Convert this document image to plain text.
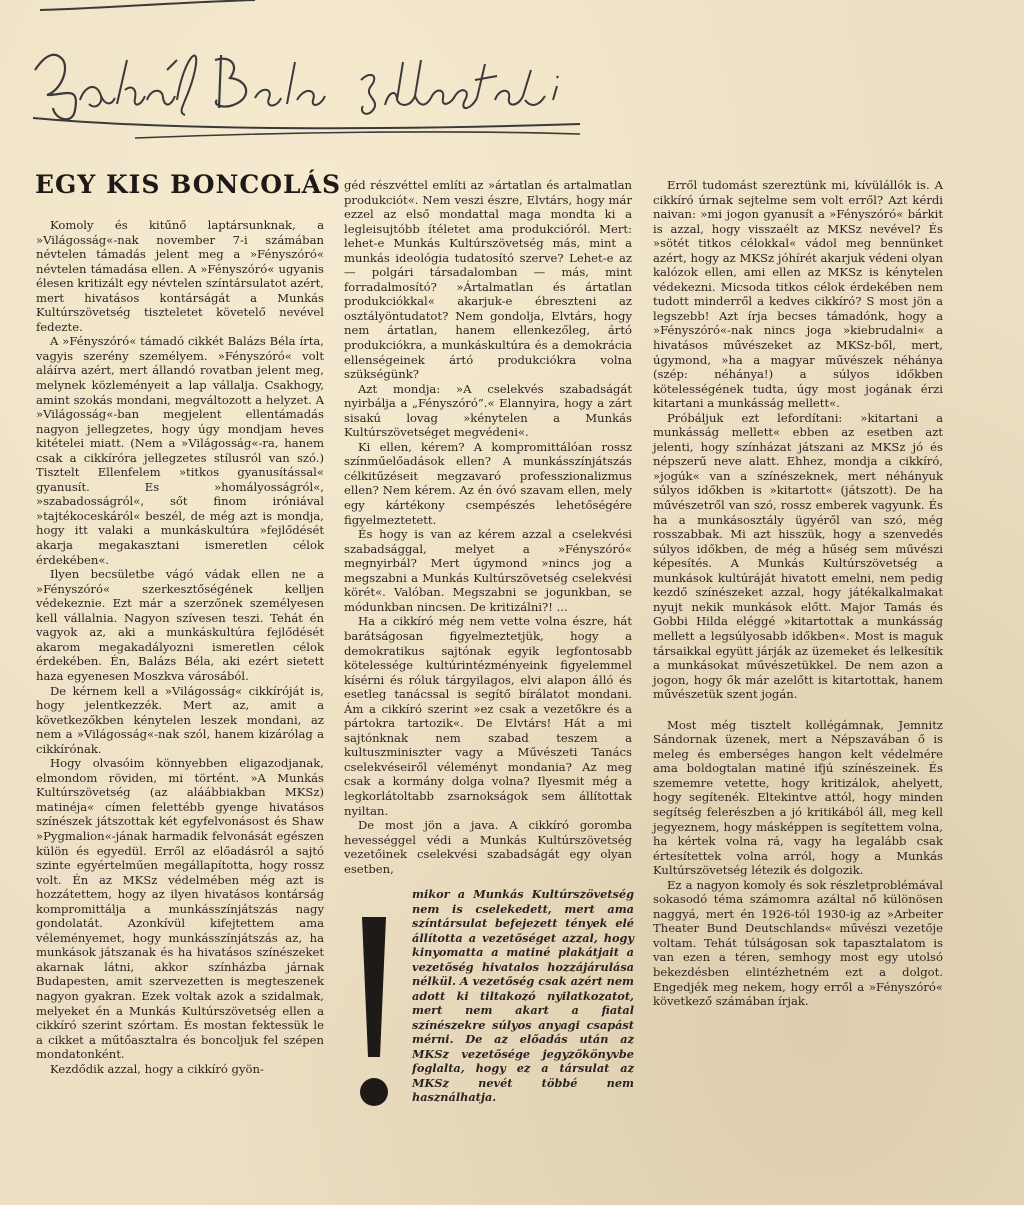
Balázs Béla széljegyzetei
EGY KIS BONCOLÁS

Komoly és kitűnő laptársunknak, a »Világosság«-nak november 7-i számában névtelen támadás jelent meg a »Fényszóró« névtelen támadása ellen. A »Fényszóró« ugyanis élesen kritizált egy névtelen színtársulatot azért, mert hivatásos kontárságát a Munkás Kultúrszövetség tiszteletet követelő nevével fedezte.

A »Fényszóró« támadó cikkét Balázs Béla írta, vagyis szerény személyem. »Fényszóró« volt aláírva azért, mert állandó rovatban jelent meg, melynek közleményeit a lap vállalja. Csakhogy, amint szokás mondani, megváltozott a helyzet. A »Világosság«-ban megjelent ellentámadás nagyon jellegzetes, hogy úgy mondjam heves kitételei miatt. (Nem a »Világosság«-ra, hanem csak a cikkíróra jellegzetes stílusról van szó.) Tisztelt Ellenfelem »titkos gyanusítással« gyanusít. Es »homályosságról«, »szabadosságról«, sőt finom iróniával »tajtékoceskáról« beszél, de még azt is mondja, hogy itt valaki a munkáskultúra »fejlődését akarja megakasztani ismeretlen célok érdekében«.

Ilyen becsületbe vágó vádak ellen ne a »Fényszóró« szerkesztőségének kelljen védekeznie. Ezt már a szerzőnek személyesen kell vállalnia. Nagyon szívesen teszi. Tehát én vagyok az, aki a munkáskultúra fejlődését akarom megakadályozni ismeretlen célok érdekében. Én, Balázs Béla, aki ezért sietett haza egyenesen Moszkva városából.

De kérnem kell a »Világosság« cikkíróját is, hogy jelentkezzék. Mert az, amit a következőkben kénytelen leszek mondani, az nem a »Világosság«-nak szól, hanem kizárólag a cikkírónak.

Hogy olvasóim könnyebben eligazodjanak, elmondom röviden, mi történt. »A Munkás Kultúrszövetség (az aláábbiakban MKSz) matinéja« címen felettébb gyenge hivatásos színészek játszottak két egyfelvonásost és Shaw »Pygmalion«-jának harmadik felvonását egészen külön és egyedül. Erről az előadásról a sajtó szinte egyértelműen megállapította, hogy rossz volt. Én az MKSz védelmében még azt is hozzátettem, hogy az ilyen hivatásos kontárság kompromittálja a munkásszínjátszás nagy gondolatát. Azonkívül kifejtettem ama véleményemet, hogy munkásszínjátszás az, ha munkások játszanak és ha hivatásos színészeket akarnak látni, akkor színházba járnak Budapesten, amit szervezetten is megteszenek nagyon gyakran. Ezek voltak azok a szidalmak, melyeket én a Munkás Kultúrszövetség ellen a cikkíró szerint szórtam. És mostan fektessük le a cikket a műtőasztalra és boncoljuk fel szépen mondatonként.

Kezdődik azzal, hogy a cikkíró gyön-

géd részvéttel említi az »ártatlan és artalmatlan produkciót«. Nem veszi észre, Elvtárs, hogy már ezzel az első mondattal maga mondta ki a legleisujtóbb ítéletet ama produkcióról. Mert: lehet-e Munkás Kultúrszövetség más, mint a munkás ideológia tudatosító szerve? Lehet-e az — polgári társadalomban — más, mint forradalmosító? »Ártalmatlan és ártatlan produkciókkal« akarjuk-e ébreszteni az osztályöntudatot? Nem gondolja, Elvtárs, hogy nem ártatlan, hanem ellenkezőleg, ártó produkciókra, a munkáskultúra és a demokrácia ellenségeinek ártó produkciókra volna szükségünk?

Azt mondja: »A cselekvés szabadságát nyirbálja a „Fényszóró”.« Elannyira, hogy a zárt sisakú lovag »kénytelen a Munkás Kultúrszövetséget megvédeni«.

Ki ellen, kérem? A kompromittálóan rossz színműelőadások ellen? A munkásszínjátszás célkitűzéseit megzavaró professzionalizmus ellen? Nem kérem. Az én óvó szavam ellen, mely egy kártékony csempészés lehetőségére figyelmeztetett.

És hogy is van az kérem azzal a cselekvési szabadsággal, melyet a »Fényszóró« megnyirbál? Mert úgymond »nincs jog a megszabni a Munkás Kultúrszövetség cselekvési körét«. Valóban. Megszabni se jogunkban, se módunkban nincsen. De kritizálni?! ...

Ha a cikkíró még nem vette volna észre, hát barátságosan figyelmeztetjük, hogy a demokratikus sajtónak egyik legfontosabb kötelessége kultúrintézményeink figyelemmel kísérni és róluk tárgyilagos, elvi alapon álló és esetleg tanácssal is segítő bírálatot mondani. Ám a cikkíró szerint »ez csak a vezetőkre és a pártokra tartozik«. De Elvtárs! Hát a mi sajtónknak nem szabad teszem a kultuszminiszter vagy a Művészeti Tanács cselekvéseiről véleményt mondania? Az meg csak a kormány dolga volna? Ilyesmit még a legkorlátoltabb zsarnokságok sem állítottak nyiltan.

De most jön a java. A cikkíró goromba hevességgel védi a Munkás Kultúrszövetség vezetőinek cselekvési szabadságát egy olyan esetben,

mikor a Munkás Kultúrszövetség nem is cselekedett, mert ama színtársulat befejezett tények elé állította a vezetőséget azzal, hogy kinyomatta a matiné plakátjait a vezetőség hivatalos hozzájárulása nélkül. A vezetőség csak azért nem adott ki tiltakozó nyilatkozatot, mert nem akart a fiatal színészekre súlyos anyagi csapást mérni. De az előadás után az MKSz vezetősége jegyzőkönyvbe foglalta, hogy ez a társulat az MKSz nevét többé nem használhatja.

Erről tudomást szereztünk mi, kívülállók is. A cikkíró úrnak sejtelme sem volt erről? Azt kérdi naivan: »mi jogon gyanusít a »Fényszóró« bárkit is azzal, hogy visszaélt az MKSz nevével? És »sötét titkos célokkal« vádol meg bennünket azért, hogy az MKSz jóhírét akarjuk védeni olyan kalózok ellen, ami ellen az MKSz is kénytelen védekezni. Micsoda titkos célok érdekében nem tudott minderről a kedves cikkíró? S most jön a legszebb! Azt írja becses támadónk, hogy a »Fényszóró«-nak nincs joga »kiebrudalni« a hivatásos művészeket az MKSz-ből, mert, úgymond, »ha a magyar művészek néhánya (szép: néhánya!) a súlyos időkben kötelességének tudta, úgy most jogának érzi kitartani a munkásság mellett«.

Próbáljuk ezt lefordítani: »kitartani a munkásság mellett« ebben az esetben azt jelenti, hogy színházat játszani az MKSz jó és népszerű neve alatt. Ehhez, mondja a cikkíró, »jogúk« van a színészeknek, mert néhányuk súlyos időkben is »kitartott« (játszott). De ha művészetről van szó, rossz emberek vagyunk. És ha a munkásosztály ügyéről van szó, még rosszabbak. Mi azt hisszük, hogy a szenvedés súlyos időkben, de még a hűség sem művészi képesítés. A Munkás Kultúrszövetség a munkások kultúráját hivatott emelni, nem pedig kezdő színészeket azzal, hogy játékalkalmakat nyujt nekik munkások előtt. Major Tamás és Gobbi Hilda eléggé »kitartottak a munkásság mellett a legsúlyosabb időkben«. Most is maguk társaikkal együtt járják az üzemeket és lelkesítik a munkásokat művészetükkel. De nem azon a jogon, hogy ők már azelőtt is kitartottak, hanem művészetük szent jogán.

Most még tisztelt kollégámnak, Jemnitz Sándornak üzenek, mert a Népszavában ő is meleg és emberséges hangon kelt védelmére ama boldogtalan matiné ifjú színészeinek. És szememre vetette, hogy kritizálok, ahelyett, hogy segítenék. Eltekintve attól, hogy minden segítség felerészben a jó kritikából áll, meg kell jegyeznem, hogy másképpen is segítettem volna, ha kértek volna rá, vagy ha legalább csak értesítettek volna arról, hogy a Munkás Kultúrszövetség létezik és dolgozik.

Ez a nagyon komoly és sok részletproblémával sokasodó téma számomra azáltal nő különösen naggyá, mert én 1926-tól 1930-ig az »Arbeiter Theater Bund Deutschlands« művészi vezetője voltam. Tehát túlságosan sok tapasztalatom is van ezen a téren, semhogy most egy utolsó bekezdésben elintézhetném ezt a dolgot. Engedjék meg nekem, hogy erről a »Fényszóró« következő számában írjak.
